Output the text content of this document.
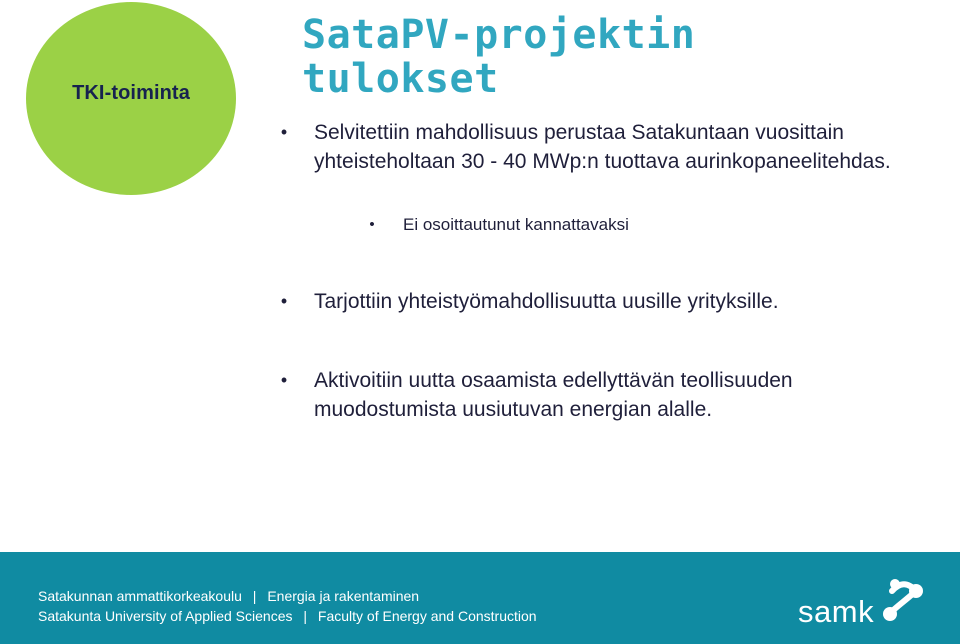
TKI-toiminta
SataPV-projektin
tulokset
• Selvitettiin mahdollisuus perustaa Satakuntaan vuosittain yhteisteholtaan 30 - 40 MWp:n tuottava aurinkopaneelitehdas.
• Ei osoittautunut kannattavaksi
• Tarjottiin yhteistyömahdollisuutta uusille yrityksille.
• Aktivoitiin uutta osaamista edellyttävän teollisuuden muodostumista uusiutuvan energian alalle.
Satakunnan ammattikorkeakoulu | Energia ja rakentaminen
Satakunta University of Applied Sciences | Faculty of Energy and Construction	samk
